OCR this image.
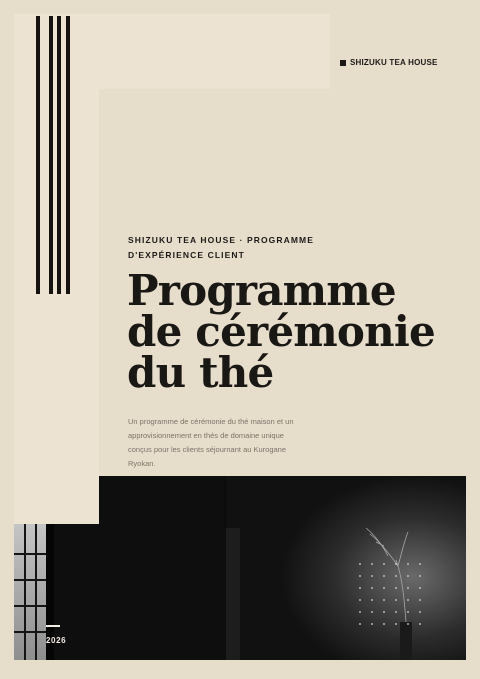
SHIZUKU TEA HOUSE
SHIZUKU TEA HOUSE · PROGRAMME
D'EXPÉRIENCE CLIENT
Programme
de cérémonie
du thé

Un programme de cérémonie du thé maison et un approvisionnement en thés de domaine unique conçus pour les clients séjournant au Kurogane Ryokan.

2026
